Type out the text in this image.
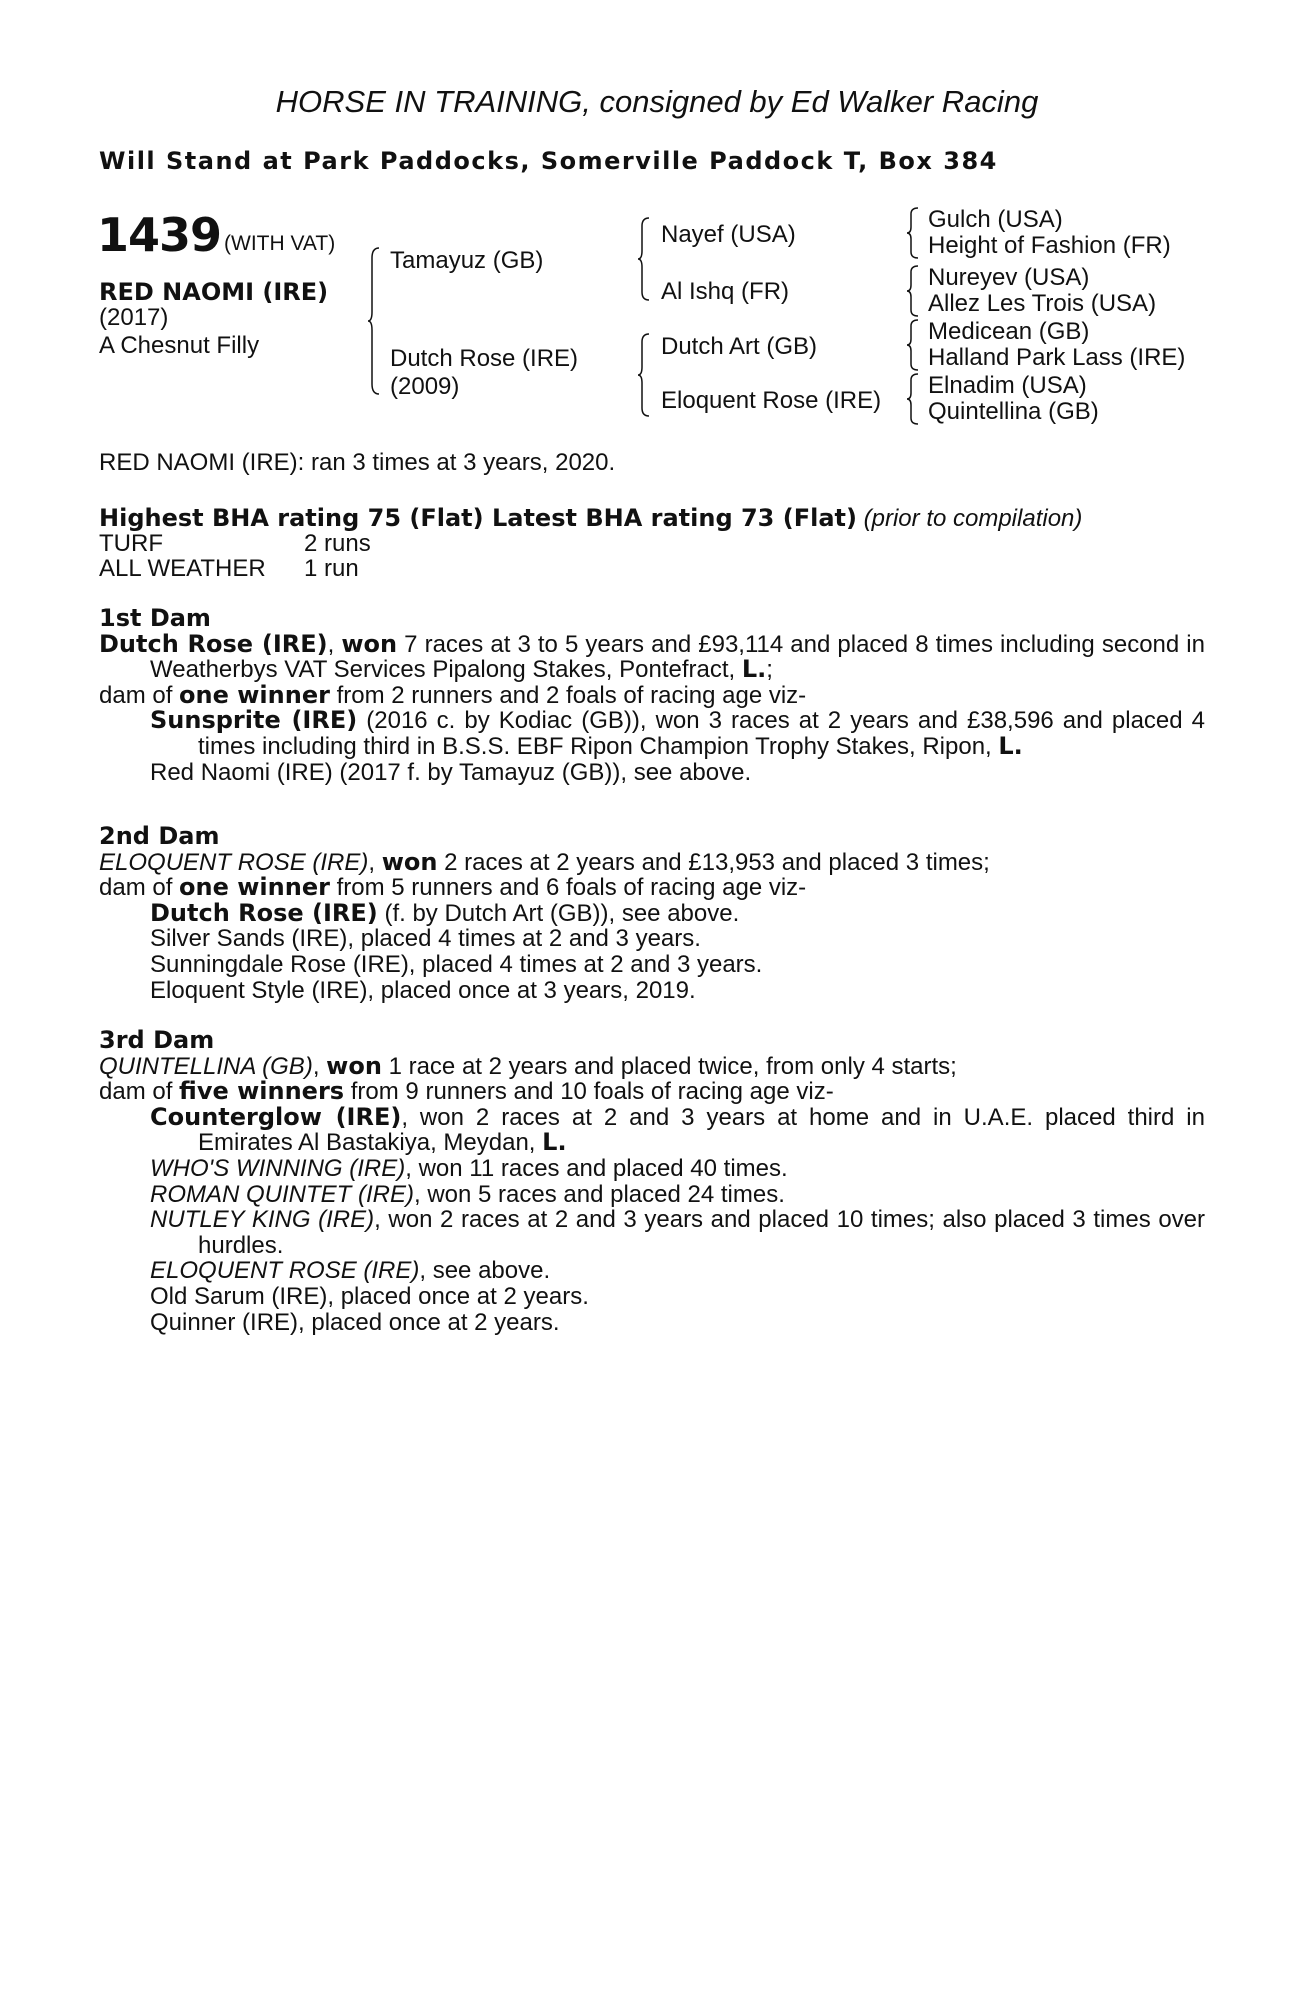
HORSE IN TRAINING, consigned by Ed Walker Racing
Will Stand at Park Paddocks, Somerville Paddock T, Box 384
1439 (WITH VAT)
RED NAOMI (IRE)
(2017)
A Chesnut Filly
Tamayuz (GB)
Dutch Rose (IRE)
(2009)
Nayef (USA)
Al Ishq (FR)
Dutch Art (GB)
Eloquent Rose (IRE)
Gulch (USA)
Height of Fashion (FR)
Nureyev (USA)
Allez Les Trois (USA)
Medicean (GB)
Halland Park Lass (IRE)
Elnadim (USA)
Quintellina (GB)
RED NAOMI (IRE): ran 3 times at 3 years, 2020.
Highest BHA rating 75 (Flat) Latest BHA rating 73 (Flat) (prior to compilation)
TURF	2 runs
ALL WEATHER 1 run

1st Dam

Dutch Rose (IRE), won 7 races at 3 to 5 years and £93,114 and placed 8 times including second in Weatherbys VAT Services Pipalong Stakes, Pontefract, L.;

dam of one winner from 2 runners and 2 foals of racing age viz-

Sunsprite (IRE) (2016 c. by Kodiac (GB)), won 3 races at 2 years and £38,596 and placed 4 times including third in B.S.S. EBF Ripon Champion Trophy Stakes, Ripon, L.

Red Naomi (IRE) (2017 f. by Tamayuz (GB)), see above.

2nd Dam

ELOQUENT ROSE (IRE), won 2 races at 2 years and £13,953 and placed 3 times;

dam of one winner from 5 runners and 6 foals of racing age viz-

Dutch Rose (IRE) (f. by Dutch Art (GB)), see above.

Silver Sands (IRE), placed 4 times at 2 and 3 years.

Sunningdale Rose (IRE), placed 4 times at 2 and 3 years.

Eloquent Style (IRE), placed once at 3 years, 2019.

3rd Dam

QUINTELLINA (GB), won 1 race at 2 years and placed twice, from only 4 starts;

dam of five winners from 9 runners and 10 foals of racing age viz-

Counterglow (IRE), won 2 races at 2 and 3 years at home and in U.A.E. placed third in Emirates Al Bastakiya, Meydan, L.

WHO'S WINNING (IRE), won 11 races and placed 40 times.

ROMAN QUINTET (IRE), won 5 races and placed 24 times.

NUTLEY KING (IRE), won 2 races at 2 and 3 years and placed 10 times; also placed 3 times over hurdles.

ELOQUENT ROSE (IRE), see above.

Old Sarum (IRE), placed once at 2 years.

Quinner (IRE), placed once at 2 years.
